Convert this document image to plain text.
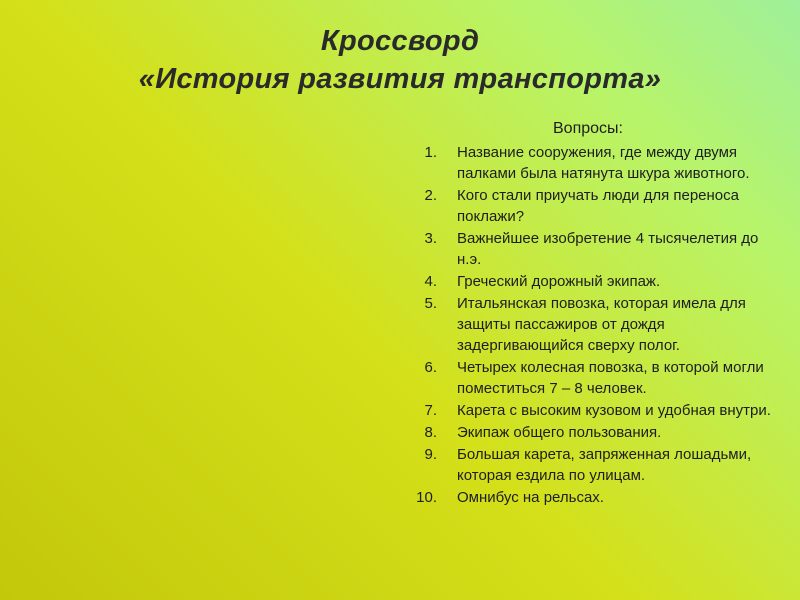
Кроссворд
«История развития транспорта»
Вопросы:
1. Название сооружения, где между двумя палками была натянута шкура животного.
2. Кого стали приучать люди для переноса поклажи?
3. Важнейшее изобретение 4 тысячелетия до н.э.
4. Греческий дорожный экипаж.
5. Итальянская повозка, которая имела для защиты пассажиров от дождя задергивающийся сверху полог.
6. Четырех колесная повозка, в которой могли поместиться 7 – 8 человек.
7. Карета с высоким кузовом и удобная внутри.
8. Экипаж общего пользования.
9. Большая карета, запряженная лошадьми, которая ездила по улицам.
10. Омнибус на рельсах.
